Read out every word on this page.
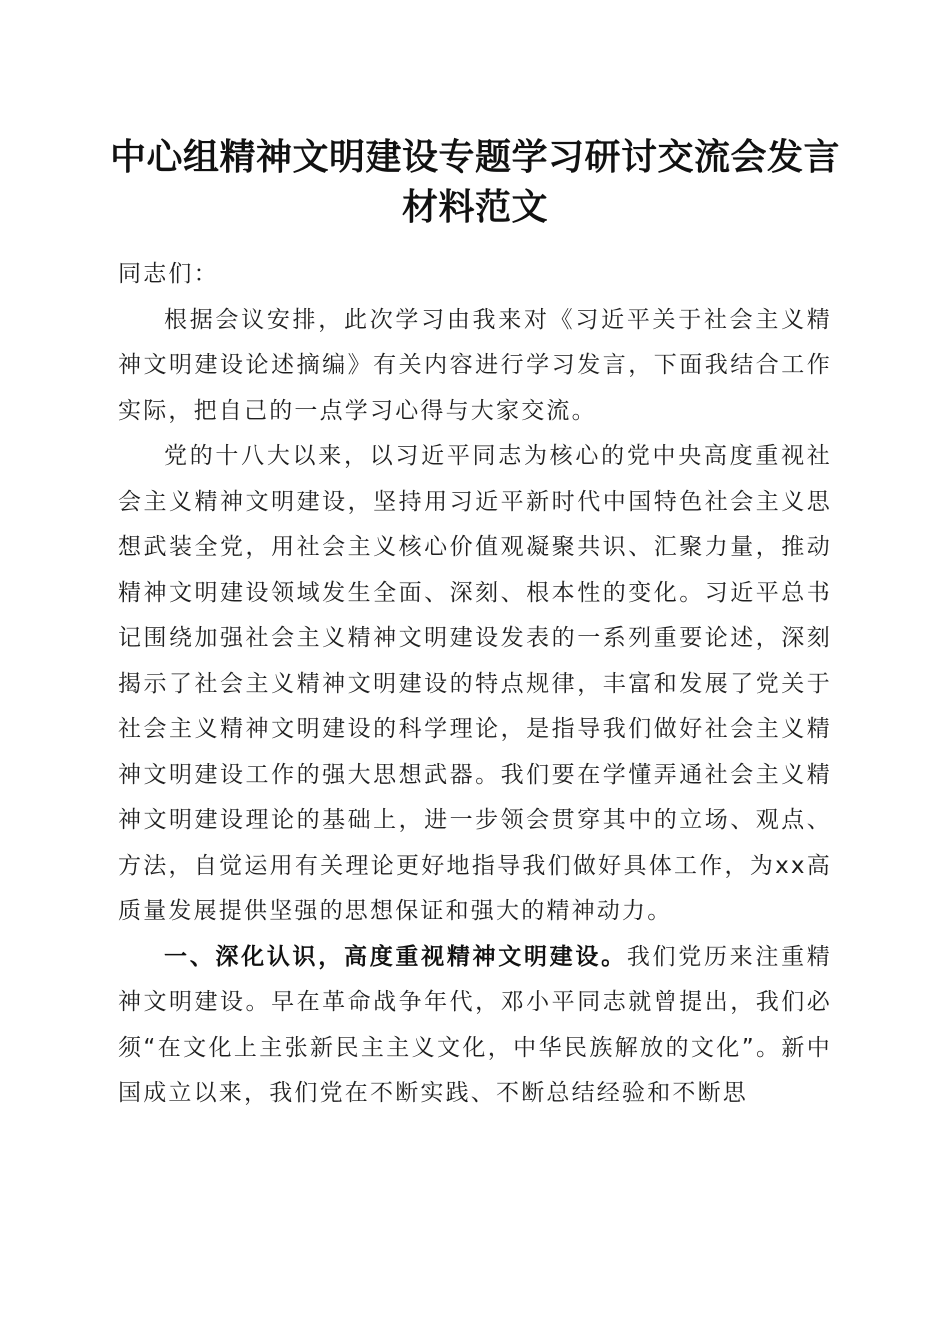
中心组精神文明建设专题学习研讨交流会发言
材料范文

同志们：

根据会议安排，此次学习由我来对《习近平关于社会主义精神文明建设论述摘编》有关内容进行学习发言，下面我结合工作实际，把自己的一点学习心得与大家交流。

党的十八大以来，以习近平同志为核心的党中央高度重视社会主义精神文明建设，坚持用习近平新时代中国特色社会主义思想武装全党，用社会主义核心价值观凝聚共识、汇聚力量，推动精神文明建设领域发生全面、深刻、根本性的变化。习近平总书记围绕加强社会主义精神文明建设发表的一系列重要论述，深刻揭示了社会主义精神文明建设的特点规律，丰富和发展了党关于社会主义精神文明建设的科学理论，是指导我们做好社会主义精神文明建设工作的强大思想武器。我们要在学懂弄通社会主义精神文明建设理论的基础上，进一步领会贯穿其中的立场、观点、方法，自觉运用有关理论更好地指导我们做好具体工作，为xx高质量发展提供坚强的思想保证和强大的精神动力。

一、深化认识，高度重视精神文明建设。我们党历来注重精神文明建设。早在革命战争年代，邓小平同志就曾提出，我们必须“在文化上主张新民主主义文化，中华民族解放的文化”。新中国成立以来，我们党在不断实践、不断总结经验和不断思
